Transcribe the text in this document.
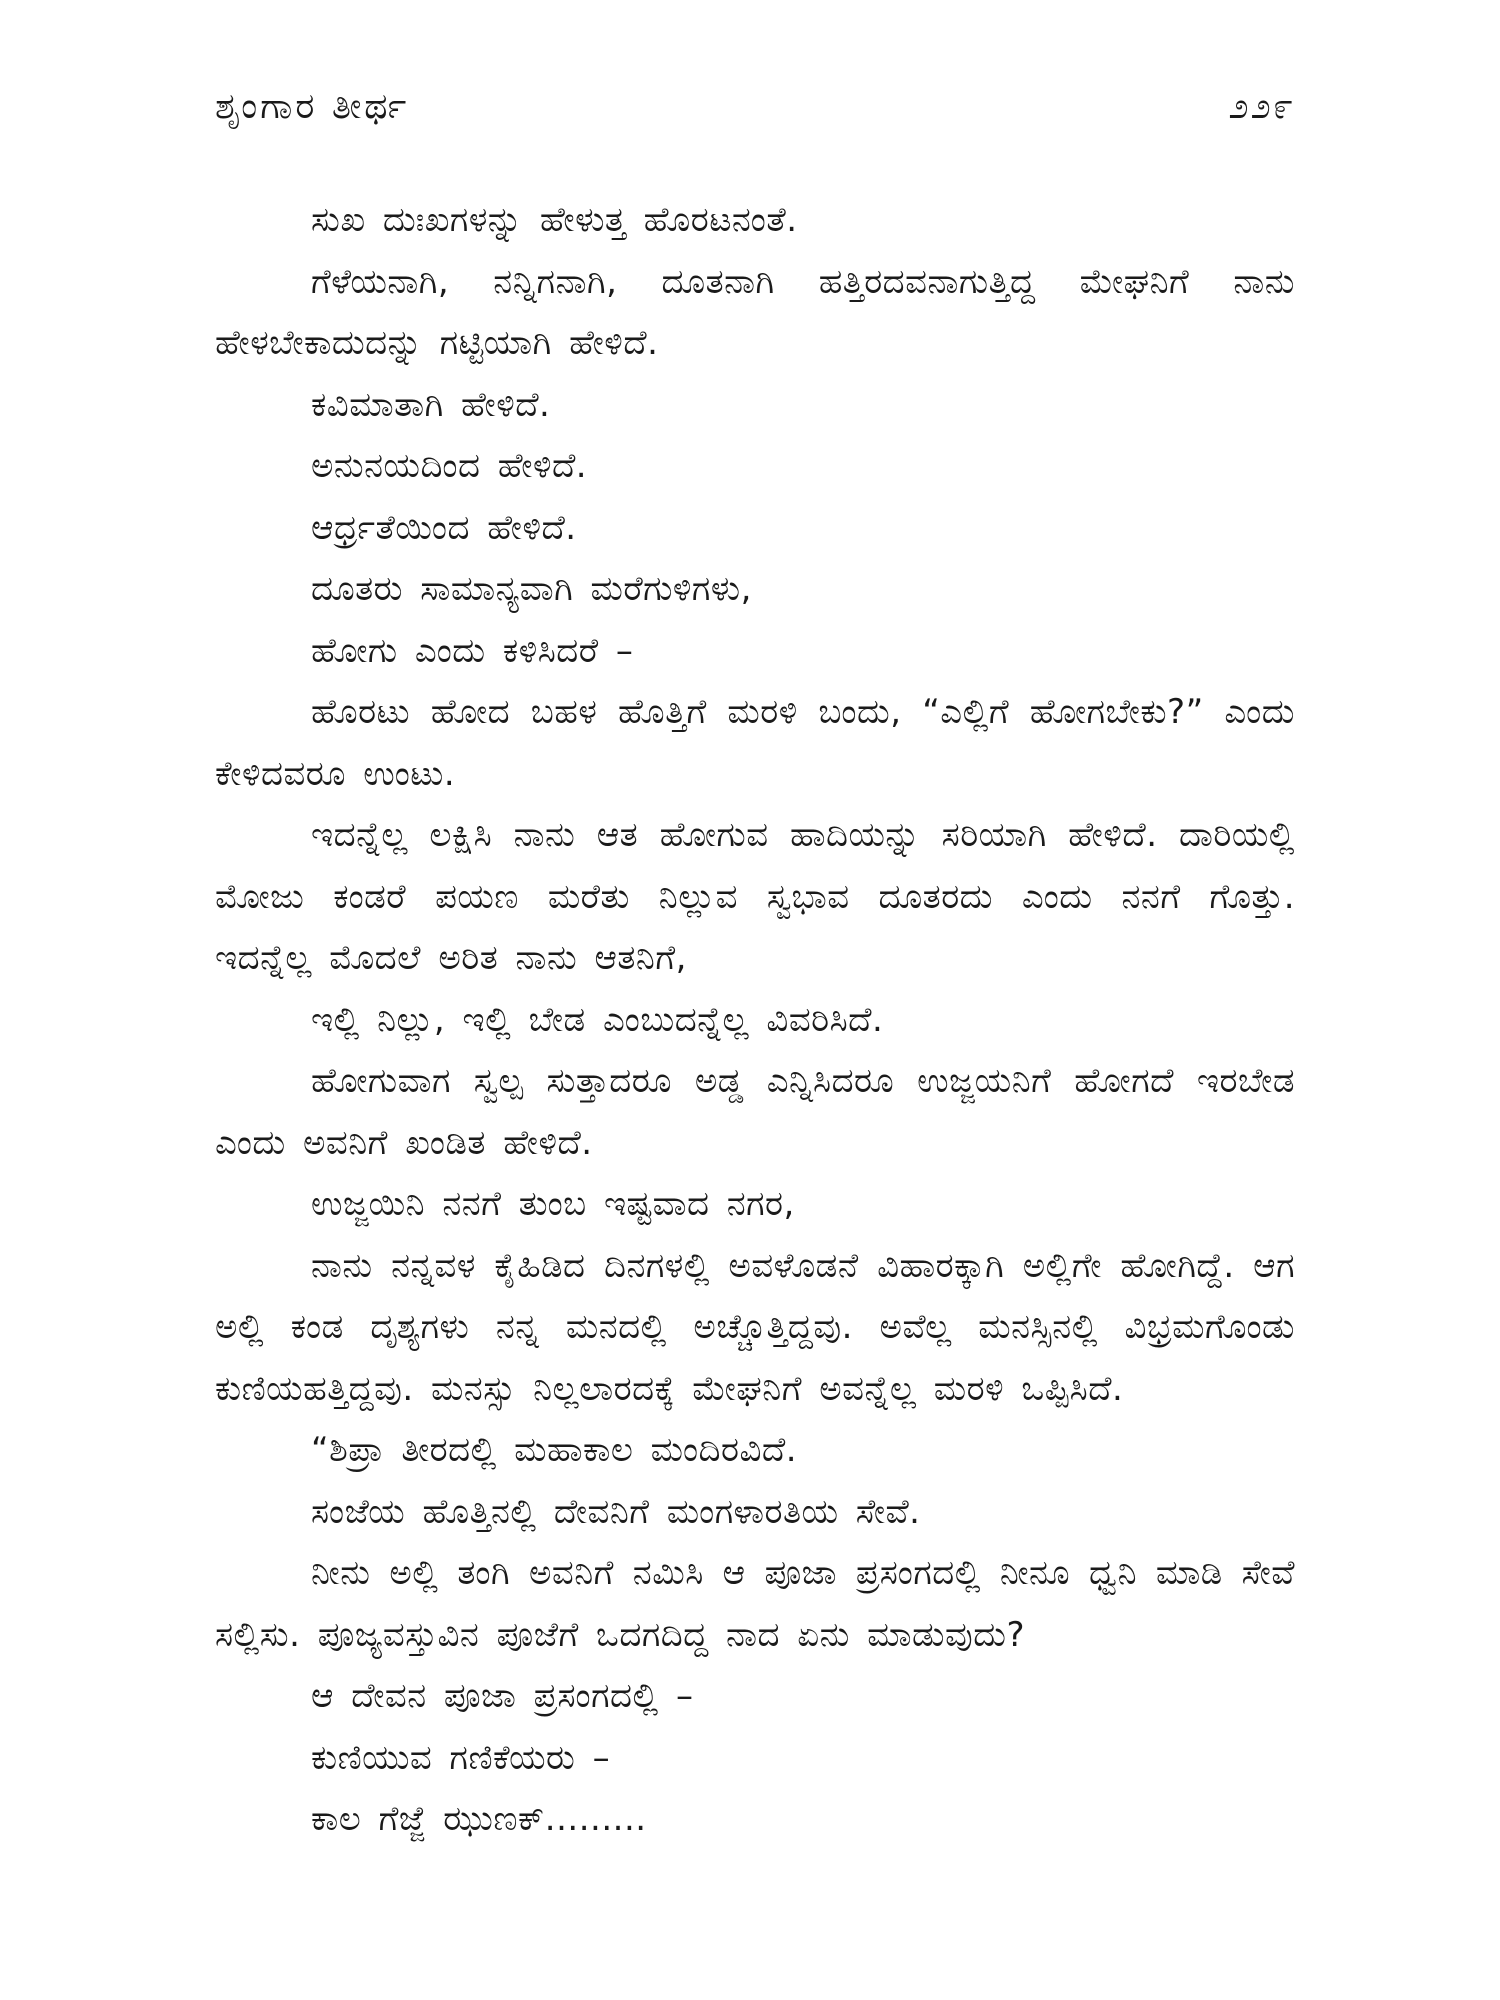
ಶೃಂಗಾರ ತೀರ್ಥ	೨೨೯

ಸುಖ ದುಃಖಗಳನ್ನು ಹೇಳುತ್ತ ಹೊರಟನಂತೆ.

ಗೆಳೆಯನಾಗಿ, ನನ್ನಿಗನಾಗಿ, ದೂತನಾಗಿ ಹತ್ತಿರದವನಾಗುತ್ತಿದ್ದ ಮೇಘನಿಗೆ ನಾನು ಹೇಳಬೇಕಾದುದನ್ನು ಗಟ್ಟಿಯಾಗಿ ಹೇಳಿದೆ.

ಕವಿಮಾತಾಗಿ ಹೇಳಿದೆ.

ಅನುನಯದಿಂದ ಹೇಳಿದೆ.

ಆರ್ಧ್ರತೆಯಿಂದ ಹೇಳಿದೆ.

ದೂತರು ಸಾಮಾನ್ಯವಾಗಿ ಮರೆಗುಳಿಗಳು,

ಹೋಗು ಎಂದು ಕಳಿಸಿದರೆ –

ಹೊರಟು ಹೋದ ಬಹಳ ಹೊತ್ತಿಗೆ ಮರಳಿ ಬಂದು, “ಎಲ್ಲಿಗೆ ಹೋಗಬೇಕು?” ಎಂದು ಕೇಳಿದವರೂ ಉಂಟು.

ಇದನ್ನೆಲ್ಲ ಲಕ್ಷಿಸಿ ನಾನು ಆತ ಹೋಗುವ ಹಾದಿಯನ್ನು ಸರಿಯಾಗಿ ಹೇಳಿದೆ. ದಾರಿಯಲ್ಲಿ ಮೋಜು ಕಂಡರೆ ಪಯಣ ಮರೆತು ನಿಲ್ಲುವ ಸ್ವಭಾವ ದೂತರದು ಎಂದು ನನಗೆ ಗೊತ್ತು. ಇದನ್ನೆಲ್ಲ ಮೊದಲೆ ಅರಿತ ನಾನು ಆತನಿಗೆ,

ಇಲ್ಲಿ ನಿಲ್ಲು, ಇಲ್ಲಿ ಬೇಡ ಎಂಬುದನ್ನೆಲ್ಲ ವಿವರಿಸಿದೆ.

ಹೋಗುವಾಗ ಸ್ವಲ್ಪ ಸುತ್ತಾದರೂ ಅಡ್ಡ ಎನ್ನಿಸಿದರೂ ಉಜ್ಜಯನಿಗೆ ಹೋಗದೆ ಇರಬೇಡ ಎಂದು ಅವನಿಗೆ ಖಂಡಿತ ಹೇಳಿದೆ.

ಉಜ್ಜಯಿನಿ ನನಗೆ ತುಂಬ ಇಷ್ಟವಾದ ನಗರ,

ನಾನು ನನ್ನವಳ ಕೈಹಿಡಿದ ದಿನಗಳಲ್ಲಿ ಅವಳೊಡನೆ ವಿಹಾರಕ್ಕಾಗಿ ಅಲ್ಲಿಗೇ ಹೋಗಿದ್ದೆ. ಆಗ ಅಲ್ಲಿ ಕಂಡ ದೃಶ್ಯಗಳು ನನ್ನ ಮನದಲ್ಲಿ ಅಚ್ಚೊತ್ತಿದ್ದವು. ಅವೆಲ್ಲ ಮನಸ್ಸಿನಲ್ಲಿ ವಿಭ್ರಮಗೊಂಡು ಕುಣಿಯಹತ್ತಿದ್ದವು. ಮನಸ್ಸು ನಿಲ್ಲಲಾರದಕ್ಕೆ ಮೇಘನಿಗೆ ಅವನ್ನೆಲ್ಲ ಮರಳಿ ಒಪ್ಪಿಸಿದೆ.

“ಶಿಪ್ರಾ ತೀರದಲ್ಲಿ ಮಹಾಕಾಲ ಮಂದಿರವಿದೆ.

ಸಂಜೆಯ ಹೊತ್ತಿನಲ್ಲಿ ದೇವನಿಗೆ ಮಂಗಳಾರತಿಯ ಸೇವೆ.

ನೀನು ಅಲ್ಲಿ ತಂಗಿ ಅವನಿಗೆ ನಮಿಸಿ ಆ ಪೂಜಾ ಪ್ರಸಂಗದಲ್ಲಿ ನೀನೂ ಧ್ವನಿ ಮಾಡಿ ಸೇವೆ ಸಲ್ಲಿಸು. ಪೂಜ್ಯವಸ್ತುವಿನ ಪೂಜೆಗೆ ಒದಗದಿದ್ದ ನಾದ ಏನು ಮಾಡುವುದು?

ಆ ದೇವನ ಪೂಜಾ ಪ್ರಸಂಗದಲ್ಲಿ –

ಕುಣಿಯುವ ಗಣಿಕೆಯರು –

ಕಾಲ ಗೆಜ್ಜೆ ಝುಣಕ್.........
